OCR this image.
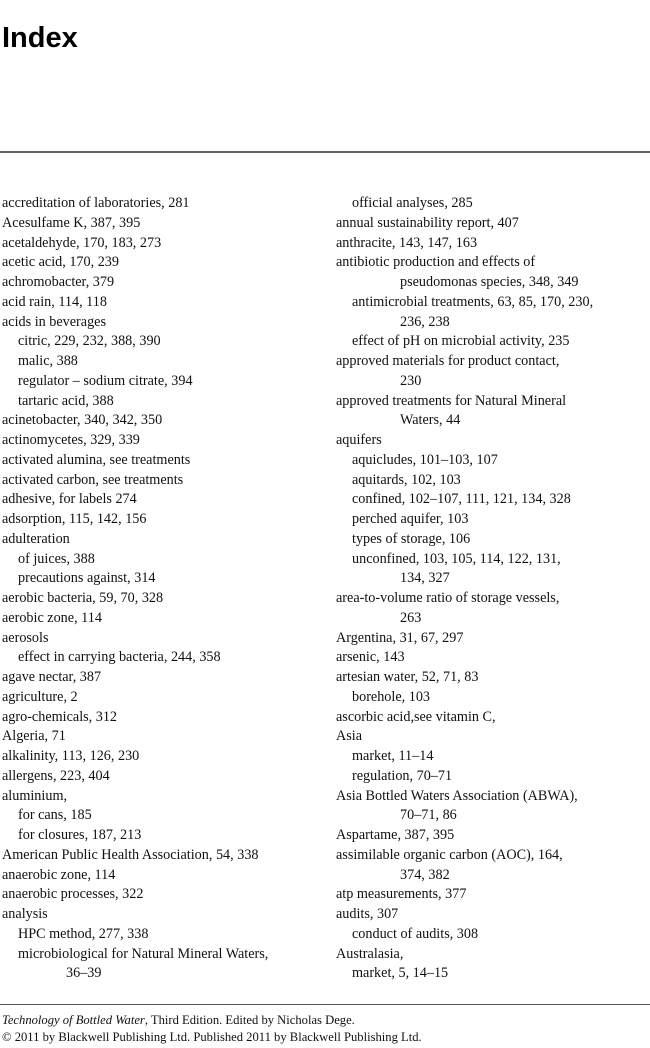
Index
accreditation of laboratories, 281
Acesulfame K, 387, 395
acetaldehyde, 170, 183, 273
acetic acid, 170, 239
achromobacter, 379
acid rain, 114, 118
acids in beverages
citric, 229, 232, 388, 390
malic, 388
regulator – sodium citrate, 394
tartaric acid, 388
acinetobacter, 340, 342, 350
actinomycetes, 329, 339
activated alumina, see treatments
activated carbon, see treatments
adhesive, for labels 274
adsorption, 115, 142, 156
adulteration
of juices, 388
precautions against, 314
aerobic bacteria, 59, 70, 328
aerobic zone, 114
aerosols
effect in carrying bacteria, 244, 358
agave nectar, 387
agriculture, 2
agro-chemicals, 312
Algeria, 71
alkalinity, 113, 126, 230
allergens, 223, 404
aluminium,
for cans, 185
for closures, 187, 213
American Public Health Association, 54, 338
anaerobic zone, 114
anaerobic processes, 322
analysis
HPC method, 277, 338
microbiological for Natural Mineral Waters,
36–39
official analyses, 285
annual sustainability report, 407
anthracite, 143, 147, 163
antibiotic production and effects of
pseudomonas species, 348, 349
antimicrobial treatments, 63, 85, 170, 230,
236, 238
effect of pH on microbial activity, 235
approved materials for product contact,
230
approved treatments for Natural Mineral
Waters, 44
aquifers
aquicludes, 101–103, 107
aquitards, 102, 103
confined, 102–107, 111, 121, 134, 328
perched aquifer, 103
types of storage, 106
unconfined, 103, 105, 114, 122, 131,
134, 327
area-to-volume ratio of storage vessels,
263
Argentina, 31, 67, 297
arsenic, 143
artesian water, 52, 71, 83
borehole, 103
ascorbic acid,see vitamin C,
Asia
market, 11–14
regulation, 70–71
Asia Bottled Waters Association (ABWA),
70–71, 86
Aspartame, 387, 395
assimilable organic carbon (AOC), 164,
374, 382
atp measurements, 377
audits, 307
conduct of audits, 308
Australasia,
market, 5, 14–15
Technology of Bottled Water, Third Edition. Edited by Nicholas Dege.
© 2011 by Blackwell Publishing Ltd. Published 2011 by Blackwell Publishing Ltd.
